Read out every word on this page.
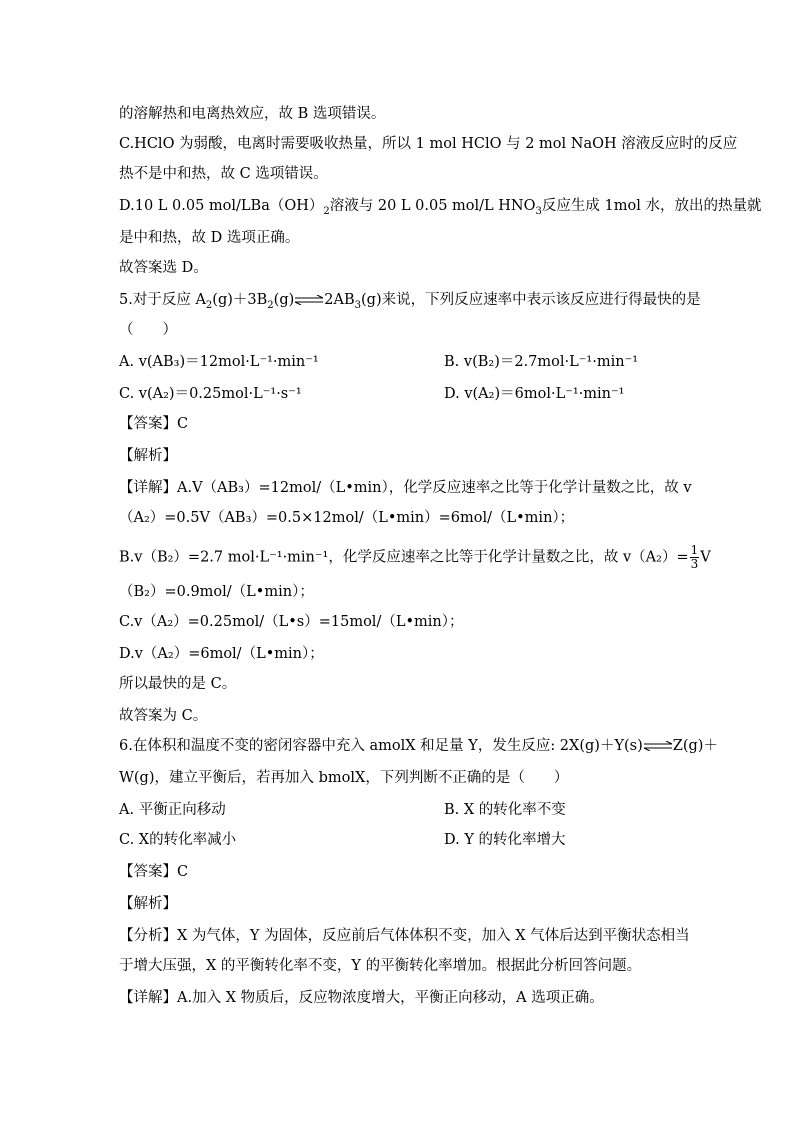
的溶解热和电离热效应，故 B 选项错误。
C.HClO 为弱酸，电离时需要吸收热量，所以 1 mol HClO 与 2 mol NaOH 溶液反应时的反应
热不是中和热，故 C 选项错误。
D.10 L 0.05 mol/$LBa(OH)_2$溶液与 20 L 0.05 mol/L $HNO_3$反应生成 1mol 水，放出的热量就
是中和热，故 D 选项正确。
故答案选 D。
5.对于反应 $A_2(g)+3B_2(g)\rightleftharpoons 2AB_3(g)$来说，下列反应速率中表示该反应进行得最快的是
（　　）
A. v(AB₃)＝12mol·L⁻¹·min⁻¹	B. v(B₂)＝2.7mol·L⁻¹·min⁻¹
C. v(A₂)＝0.25mol·L⁻¹·s⁻¹	D. v(A₂)＝6mol·L⁻¹·min⁻¹
【答案】C
【解析】
【详解】A.V（AB₃）=12mol/（L•min），化学反应速率之比等于化学计量数之比，故 v
（A₂）=0.5V（AB₃）=0.5×12mol/（L•min）=6mol/（L•min）；
B.v（B₂）=2.7 mol·L⁻¹·min⁻¹，化学反应速率之比等于化学计量数之比，故 $v(A_2)= \frac{1}{3}$ V
（B₂）=0.9mol/（L•min）；
C.v（A₂）=0.25mol/（L•s）=15mol/（L•min）；
D.v（A₂）=6mol/（L•min）；
所以最快的是 C。
故答案为 C。
6.在体积和温度不变的密闭容器中充入 amolX 和足量 Y，发生反应: 2X(g)＋Y(s)⇌Z(g)＋
W(g)，建立平衡后，若再加入 bmolX，下列判断不正确的是（　　）
A. 平衡正向移动	B. X 的转化率不变
C. X的转化率减小	D. Y 的转化率增大
【答案】C
【解析】
【分析】X 为气体，Y 为固体，反应前后气体体积不变，加入 X 气体后达到平衡状态相当
于增大压强，X 的平衡转化率不变，Y 的平衡转化率增加。根据此分析回答问题。
【详解】A.加入 X 物质后，反应物浓度增大，平衡正向移动，A 选项正确。
